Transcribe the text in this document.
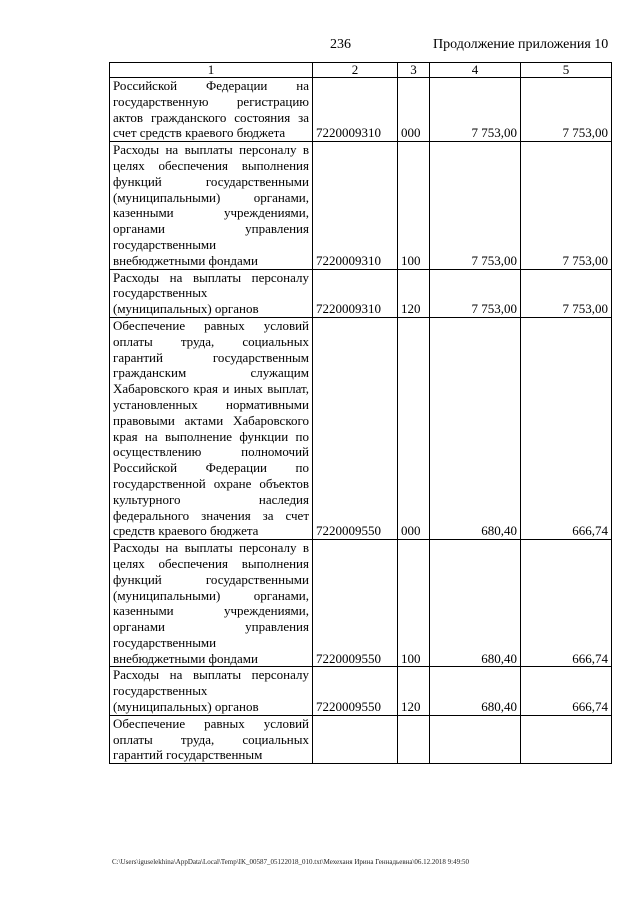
236	Продолжение приложения 10
1	2	3	4	5
Российской Федерации на государственную регистрацию актов гражданского состояния за счет средств краевого бюджета	7220009310	000	7 753,00	7 753,00
Расходы на выплаты персоналу в целях обеспечения выполнения функций государственными (муниципальными) органами, казенными учреждениями, органами управления государственными внебюджетными фондами	7220009310	100	7 753,00	7 753,00
Расходы на выплаты персоналу государственных (муниципальных) органов	7220009310	120	7 753,00	7 753,00
Обеспечение равных условий оплаты труда, социальных гарантий государственным гражданским служащим Хабаровского края и иных выплат, установленных нормативными правовыми актами Хабаровского края на выполнение функции по осуществлению полномочий Российской Федерации по государственной охране объектов культурного наследия федерального значения за счет средств краевого бюджета	7220009550	000	680,40	666,74
Расходы на выплаты персоналу в целях обеспечения выполнения функций государственными (муниципальными) органами, казенными учреждениями, органами управления государственными внебюджетными фондами	7220009550	100	680,40	666,74
Расходы на выплаты персоналу государственных (муниципальных) органов	7220009550	120	680,40	666,74
Обеспечение равных условий оплаты труда, социальных гарантий государственным				
C:\Users\iguselekhina\AppData\Local\Temp\IK_00587_05122018_010.txt\Мехеханя Ирина Геннадьевна\06.12.2018 9:49:50
